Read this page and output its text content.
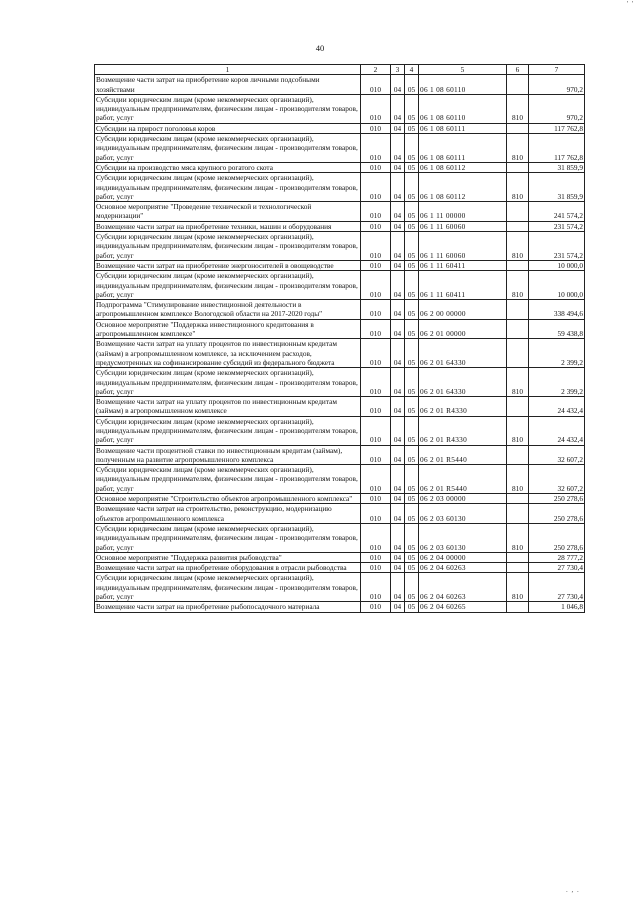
' '
40
1	2	3	4	5	6	7
Возмещение части затрат на приобретение коров личными подсобными хозяйствами	010	04	05	06 1 08 60110		970,2
Субсидии юридическим лицам (кроме некоммерческих организаций), индивидуальным предпринимателям, физическим лицам - производителям товаров, работ, услуг	010	04	05	06 1 08 60110	810	970,2
Субсидии на прирост поголовья коров	010	04	05	06 1 08 60111		117 762,8
Субсидии юридическим лицам (кроме некоммерческих организаций), индивидуальным предпринимателям, физическим лицам - производителям товаров, работ, услуг	010	04	05	06 1 08 60111	810	117 762,8
Субсидии на производство мяса крупного рогатого скота	010	04	05	06 1 08 60112		31 859,9
Субсидии юридическим лицам (кроме некоммерческих организаций), индивидуальным предпринимателям, физическим лицам - производителям товаров, работ, услуг	010	04	05	06 1 08 60112	810	31 859,9
Основное мероприятие "Проведение технической и технологической модернизации"	010	04	05	06 1 11 00000		241 574,2
Возмещение части затрат на приобретение техники, машин и оборудования	010	04	05	06 1 11 60060		231 574,2
Субсидии юридическим лицам (кроме некоммерческих организаций), индивидуальным предпринимателям, физическим лицам - производителям товаров, работ, услуг	010	04	05	06 1 11 60060	810	231 574,2
Возмещение части затрат на приобретение энергоносителей в овощеводстве	010	04	05	06 1 11 60411		10 000,0
Субсидии юридическим лицам (кроме некоммерческих организаций), индивидуальным предпринимателям, физическим лицам - производителям товаров, работ, услуг	010	04	05	06 1 11 60411	810	10 000,0
Подпрограмма "Стимулирование инвестиционной деятельности в агропромышленном комплексе Вологодской области на 2017-2020 годы"	010	04	05	06 2 00 00000		338 494,6
Основное мероприятие "Поддержка инвестиционного кредитования в агропромышленном комплексе"	010	04	05	06 2 01 00000		59 438,8
Возмещение части затрат на уплату процентов по инвестиционным кредитам (займам) в агропромышленном комплексе, за исключением расходов, предусмотренных на софинансирование субсидий из федерального бюджета	010	04	05	06 2 01 64330		2 399,2
Субсидии юридическим лицам (кроме некоммерческих организаций), индивидуальным предпринимателям, физическим лицам - производителям товаров, работ, услуг	010	04	05	06 2 01 64330	810	2 399,2
Возмещение части затрат на уплату процентов по инвестиционным кредитам (займам) в агропромышленном комплексе	010	04	05	06 2 01 R4330		24 432,4
Субсидии юридическим лицам (кроме некоммерческих организаций), индивидуальным предпринимателям, физическим лицам - производителям товаров, работ, услуг	010	04	05	06 2 01 R4330	810	24 432,4
Возмещение части процентной ставки по инвестиционным кредитам (займам), полученным на развитие агропромышленного комплекса	010	04	05	06 2 01 R5440		32 607,2
Субсидии юридическим лицам (кроме некоммерческих организаций), индивидуальным предпринимателям, физическим лицам - производителям товаров, работ, услуг	010	04	05	06 2 01 R5440	810	32 607,2
Основное мероприятие "Строительство объектов агропромышленного комплекса"	010	04	05	06 2 03 00000		250 278,6
Возмещение части затрат на строительство, реконструкцию, модернизацию объектов агропромышленного комплекса	010	04	05	06 2 03 60130		250 278,6
Субсидии юридическим лицам (кроме некоммерческих организаций), индивидуальным предпринимателям, физическим лицам - производителям товаров, работ, услуг	010	04	05	06 2 03 60130	810	250 278,6
Основное мероприятие "Поддержка развития рыбоводства"	010	04	05	06 2 04 00000		28 777,2
Возмещение части затрат на приобретение оборудования в отрасли рыбоводства	010	04	05	06 2 04 60263		27 730,4
Субсидии юридическим лицам (кроме некоммерческих организаций), индивидуальным предпринимателям, физическим лицам - производителям товаров, работ, услуг	010	04	05	06 2 04 60263	810	27 730,4
Возмещение части затрат на приобретение рыбопосадочного материала	010	04	05	06 2 04 60265		1 046,8
. , .
